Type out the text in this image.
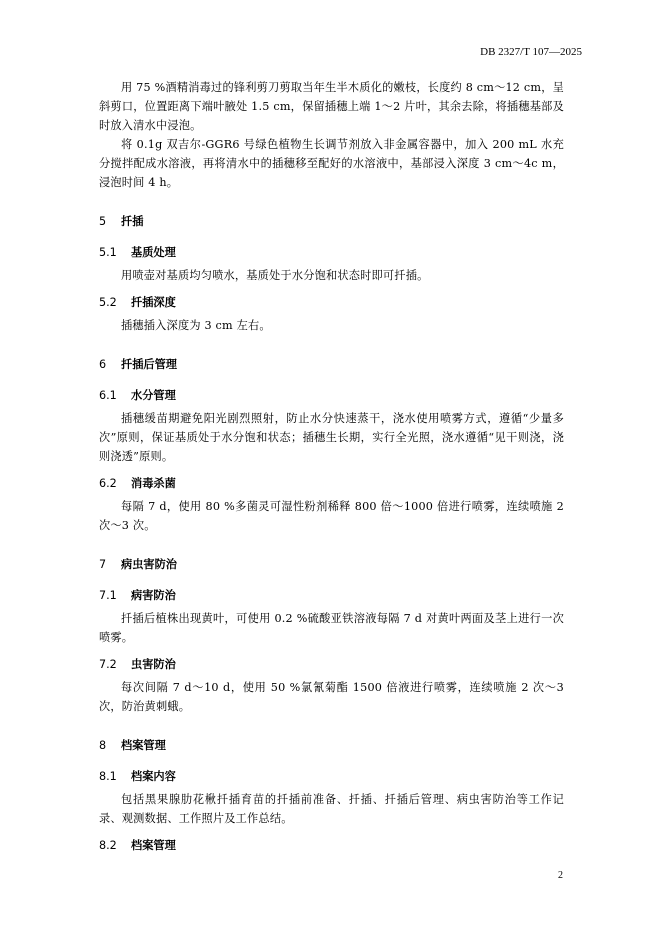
DB 2327/T 107—2025

用 75 %酒精消毒过的锋利剪刀剪取当年生半木质化的嫩枝，长度约 8 cm～12 cm，呈斜剪口，位置距离下端叶腋处 1.5 cm，保留插穗上端 1～2 片叶，其余去除，将插穗基部及时放入清水中浸泡。

将 0.1g 双吉尔-GGR6 号绿色植物生长调节剂放入非金属容器中，加入 200 mL 水充分搅拌配成水溶液，再将清水中的插穗移至配好的水溶液中，基部浸入深度 3 cm～4c m，浸泡时间 4 h。

5 扦插
5.1 基质处理

用喷壶对基质均匀喷水，基质处于水分饱和状态时即可扦插。

5.2 扦插深度

插穗插入深度为 3 cm 左右。

6 扦插后管理
6.1 水分管理

插穗缓苗期避免阳光剧烈照射，防止水分快速蒸干，浇水使用喷雾方式，遵循“少量多次”原则，保证基质处于水分饱和状态；插穗生长期，实行全光照，浇水遵循“见干则浇，浇则浇透”原则。

6.2 消毒杀菌

每隔 7 d，使用 80 %多菌灵可湿性粉剂稀释 800 倍～1000 倍进行喷雾，连续喷施 2 次～3 次。

7 病虫害防治
7.1 病害防治

扦插后植株出现黄叶，可使用 0.2 %硫酸亚铁溶液每隔 7 d 对黄叶两面及茎上进行一次喷雾。

7.2 虫害防治

每次间隔 7 d～10 d，使用 50 %氯氰菊酯 1500 倍液进行喷雾，连续喷施 2 次～3 次，防治黄刺蛾。

8 档案管理
8.1 档案内容

包括黑果腺肋花楸扦插育苗的扦插前准备、扦插、扦插后管理、病虫害防治等工作记录、观测数据、工作照片及工作总结。

8.2 档案管理
2
